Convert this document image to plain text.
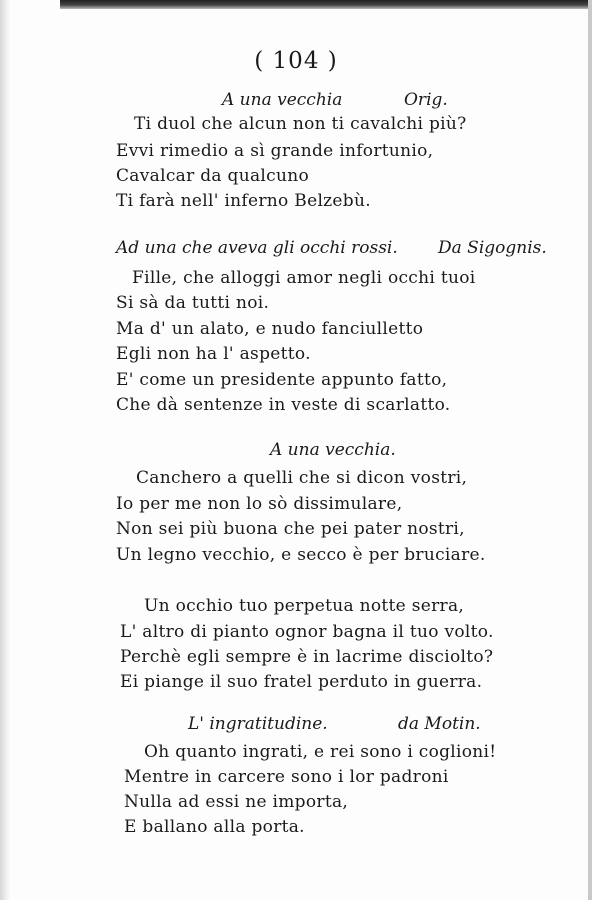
( 104 )
A una vecchia	Orig.
Ti duol che alcun non ti cavalchi più?
Evvi rimedio a sì grande infortunio,
Cavalcar da qualcuno
Ti farà nell' inferno Belzebù.
Ad una che aveva gli occhi rossi. Da Sigognis.
Fille, che alloggi amor negli occhi tuoi
Si sà da tutti noi.
Ma d' un alato, e nudo fanciulletto
Egli non ha l' aspetto.
E' come un presidente appunto fatto,
Che dà sentenze in veste di scarlatto.
A una vecchia.
Canchero a quelli che si dicon vostri,
Io per me non lo sò dissimulare,
Non sei più buona che pei pater nostri,
Un legno vecchio, e secco è per bruciare.
Un occhio tuo perpetua notte serra,
L' altro di pianto ognor bagna il tuo volto.
Perchè egli sempre è in lacrime disciolto?
Ei piange il suo fratel perduto in guerra.
L' ingratitudine.	da Motin.
Oh quanto ingrati, e rei sono i coglioni!
Mentre in carcere sono i lor padroni
Nulla ad essi ne importa,
E ballano alla porta.
